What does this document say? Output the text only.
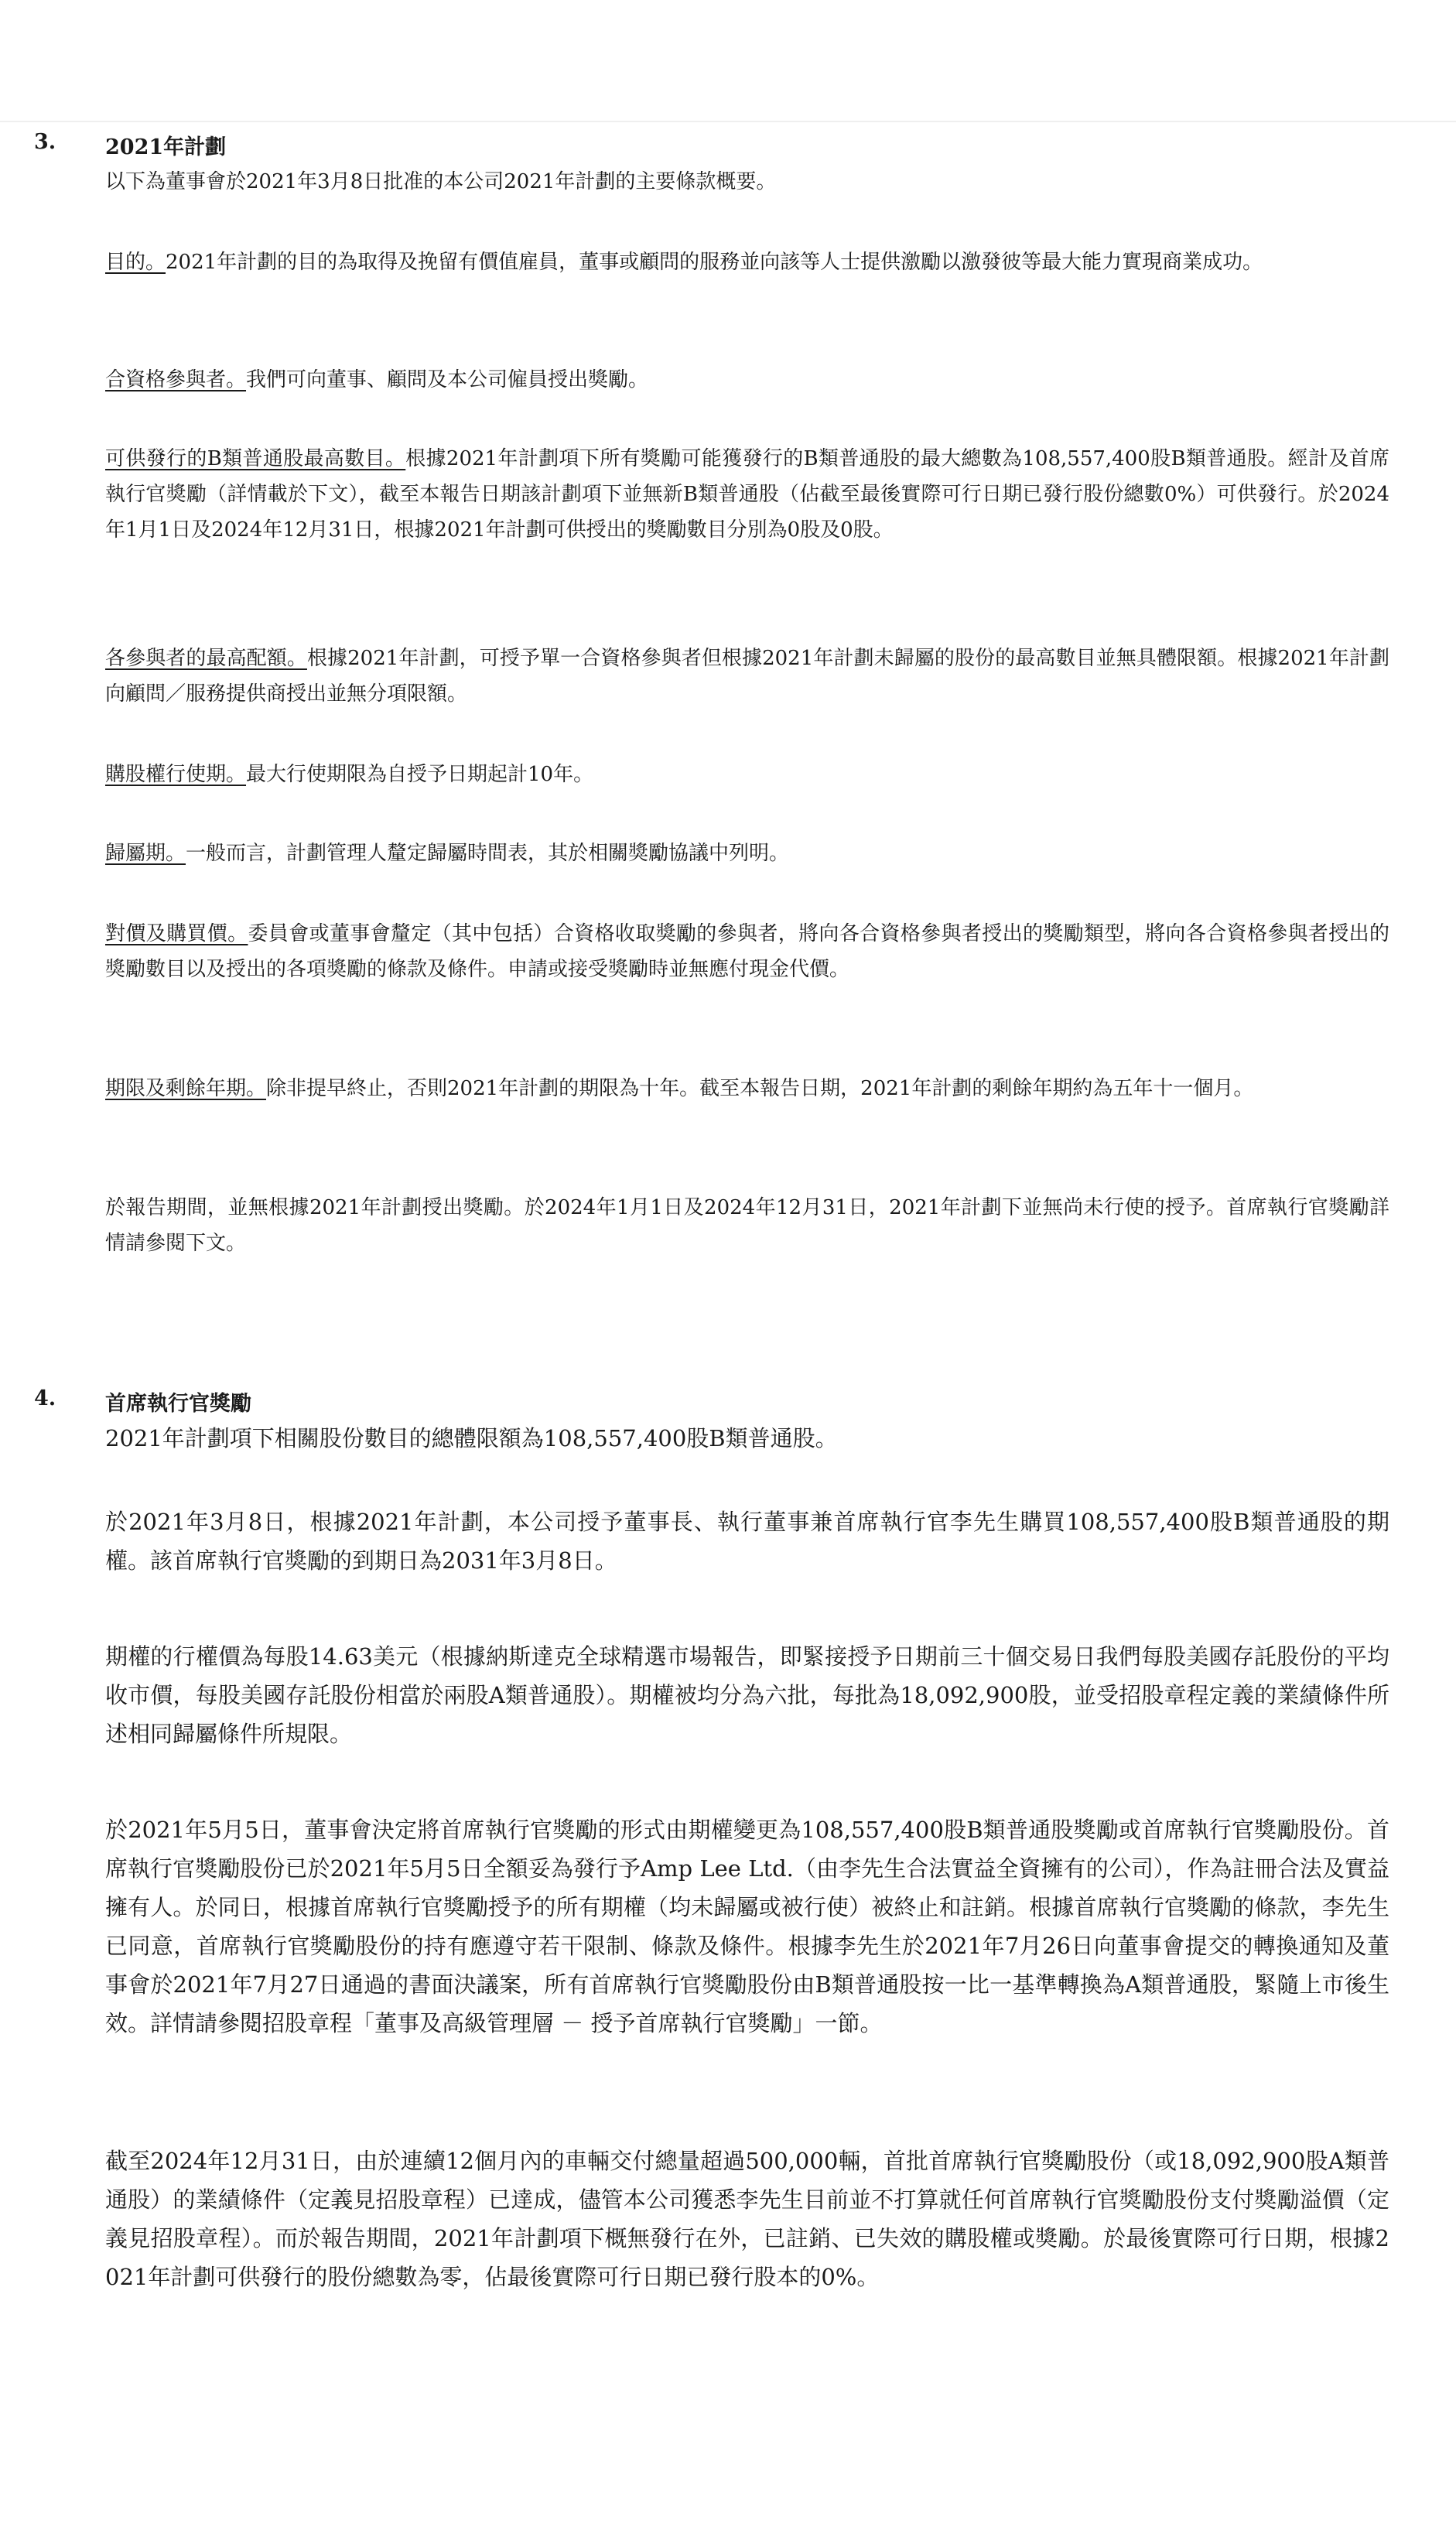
3. 2021年計劃

以下為董事會於2021年3月8日批准的本公司2021年計劃的主要條款概要。

目的。2021年計劃的目的為取得及挽留有價值雇員，董事或顧問的服務並向該等人士提供激勵以激發彼等最大能力實現商業成功。

合資格參與者。我們可向董事、顧問及本公司僱員授出獎勵。

可供發行的B類普通股最高數目。根據2021年計劃項下所有獎勵可能獲發行的B類普通股的最大總數為108,557,400股B類普通股。經計及首席執行官獎勵（詳情載於下文），截至本報告日期該計劃項下並無新B類普通股（佔截至最後實際可行日期已發行股份總數0%）可供發行。於2024年1月1日及2024年12月31日，根據2021年計劃可供授出的獎勵數目分別為0股及0股。

各參與者的最高配額。根據2021年計劃，可授予單一合資格參與者但根據2021年計劃未歸屬的股份的最高數目並無具體限額。根據2021年計劃向顧問／服務提供商授出並無分項限額。

購股權行使期。最大行使期限為自授予日期起計10年。

歸屬期。一般而言，計劃管理人釐定歸屬時間表，其於相關獎勵協議中列明。

對價及購買價。委員會或董事會釐定（其中包括）合資格收取獎勵的參與者，將向各合資格參與者授出的獎勵類型，將向各合資格參與者授出的獎勵數目以及授出的各項獎勵的條款及條件。申請或接受獎勵時並無應付現金代價。

期限及剩餘年期。除非提早終止，否則2021年計劃的期限為十年。截至本報告日期，2021年計劃的剩餘年期約為五年十一個月。

於報告期間，並無根據2021年計劃授出獎勵。於2024年1月1日及2024年12月31日，2021年計劃下並無尚未行使的授予。首席執行官獎勵詳情請參閱下文。

4. 首席執行官獎勵

2021年計劃項下相關股份數目的總體限額為108,557,400股B類普通股。

於2021年3月8日，根據2021年計劃，本公司授予董事長、執行董事兼首席執行官李先生購買108,557,400股B類普通股的期權。該首席執行官獎勵的到期日為2031年3月8日。

期權的行權價為每股14.63美元（根據納斯達克全球精選市場報告，即緊接授予日期前三十個交易日我們每股美國存託股份的平均收市價，每股美國存託股份相當於兩股A類普通股）。期權被均分為六批，每批為18,092,900股，並受招股章程定義的業績條件所述相同歸屬條件所規限。

於2021年5月5日，董事會決定將首席執行官獎勵的形式由期權變更為108,557,400股B類普通股獎勵或首席執行官獎勵股份。首席執行官獎勵股份已於2021年5月5日全額妥為發行予Amp Lee Ltd.（由李先生合法實益全資擁有的公司），作為註冊合法及實益擁有人。於同日，根據首席執行官獎勵授予的所有期權（均未歸屬或被行使）被終止和註銷。根據首席執行官獎勵的條款，李先生已同意，首席執行官獎勵股份的持有應遵守若干限制、條款及條件。根據李先生於2021年7月26日向董事會提交的轉換通知及董事會於2021年7月27日通過的書面決議案，所有首席執行官獎勵股份由B類普通股按一比一基準轉換為A類普通股，緊隨上市後生效。詳情請參閱招股章程「董事及高級管理層 － 授予首席執行官獎勵」一節。

截至2024年12月31日，由於連續12個月內的車輛交付總量超過500,000輛，首批首席執行官獎勵股份（或18,092,900股A類普通股）的業績條件（定義見招股章程）已達成，儘管本公司獲悉李先生目前並不打算就任何首席執行官獎勵股份支付獎勵溢價（定義見招股章程）。而於報告期間，2021年計劃項下概無發行在外，已註銷、已失效的購股權或獎勵。於最後實際可行日期，根據2021年計劃可供發行的股份總數為零，佔最後實際可行日期已發行股本的0%。
